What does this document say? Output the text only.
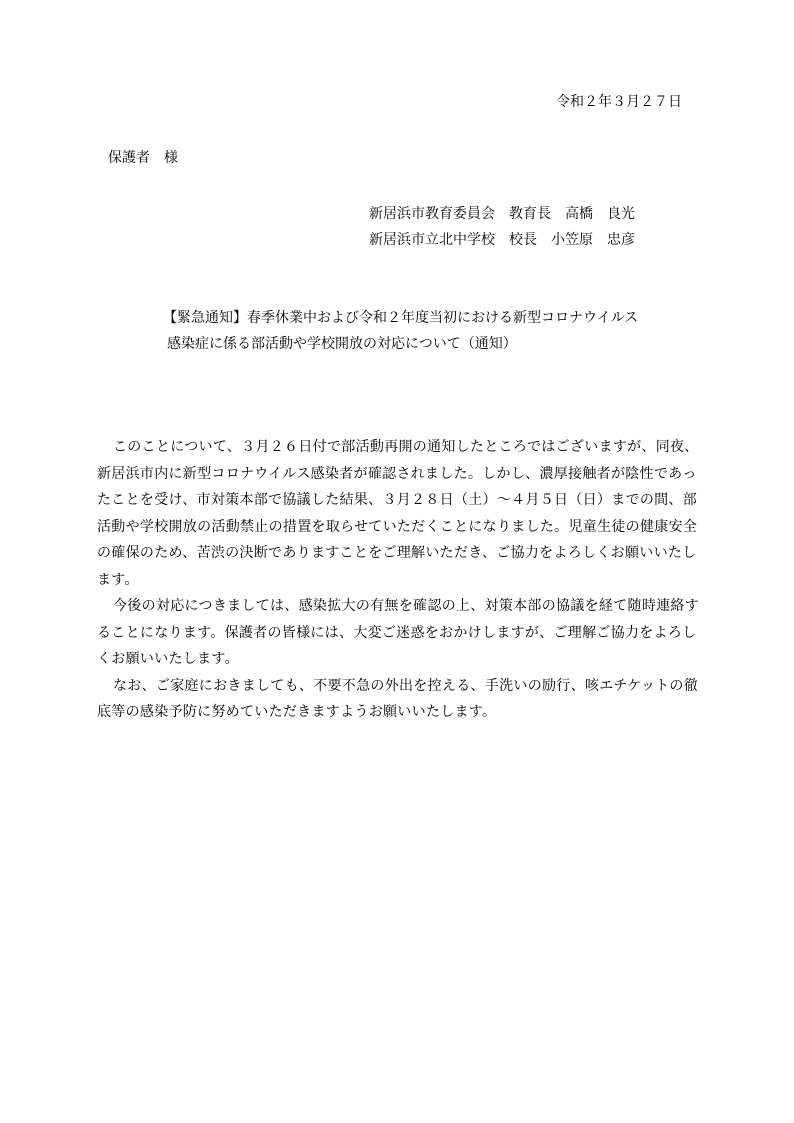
令和２年３月２７日
保護者　様
新居浜市教育委員会　教育長　高橋　良光
新居浜市立北中学校　校長　小笠原　忠彦
【緊急通知】春季休業中および令和２年度当初における新型コロナウイルス
感染症に係る部活動や学校開放の対応について（通知）

このことについて、３月２６日付で部活動再開の通知したところではございますが、同夜、新居浜市内に新型コロナウイルス感染者が確認されました。しかし、濃厚接触者が陰性であったことを受け、市対策本部で協議した結果、３月２８日（土）～４月５日（日）までの間、部活動や学校開放の活動禁止の措置を取らせていただくことになりました。児童生徒の健康安全の確保のため、苦渋の決断でありますことをご理解いただき、ご協力をよろしくお願いいたします。

今後の対応につきましては、感染拡大の有無を確認の上、対策本部の協議を経て随時連絡することになります。保護者の皆様には、大変ご迷惑をおかけしますが、ご理解ご協力をよろしくお願いいたします。

なお、ご家庭におきましても、不要不急の外出を控える、手洗いの励行、咳エチケットの徹底等の感染予防に努めていただきますようお願いいたします。
